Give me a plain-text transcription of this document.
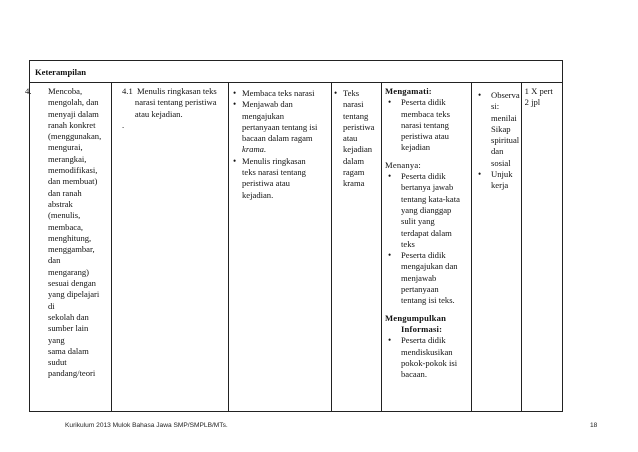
Keterampilan

4. Mencoba,
mengolah, dan
menyaji dalam
ranah konkret
(menggunakan,
mengurai,
merangkai,
memodifikasi,
dan membuat)
dan ranah abstrak
(menulis,
membaca,
menghitung,
menggambar, dan
mengarang)
sesuai dengan
yang dipelajari di
sekolah dan
sumber lain yang
sama dalam sudut
pandang/teori

4.1  Menulis ringkasan teks
narasi tentang peristiwa
atau kejadian.
.

• Membaca teks narasi
• Menjawab dan
mengajukan
pertanyaan tentang isi
bacaan dalam ragam
krama.
• Menulis ringkasan
teks narasi tentang
peristiwa atau
kejadian.

• Teks
narasi
tentang
peristiwa
atau
kejadian
dalam
ragam
krama

Mengamati:
• Peserta didik
membaca teks
narasi tentang
peristiwa atau
kejadian
Menanya:
• Peserta didik
bertanya jawab
tentang kata-kata
yang dianggap
sulit yang
terdapat dalam
teks
• Peserta didik
mengajukan dan
menjawab
pertanyaan
tentang isi teks.
Mengumpulkan
Informasi:
• Peserta didik
mendiskusikan
pokok-pokok isi
bacaan.

• Observa
si:
menilai
Sikap
spiritual
dan
sosial
• Unjuk
kerja

1 X pert
2 jpl
Kurikulum 2013 Mulok Bahasa Jawa SMP/SMPLB/MTs.	18
